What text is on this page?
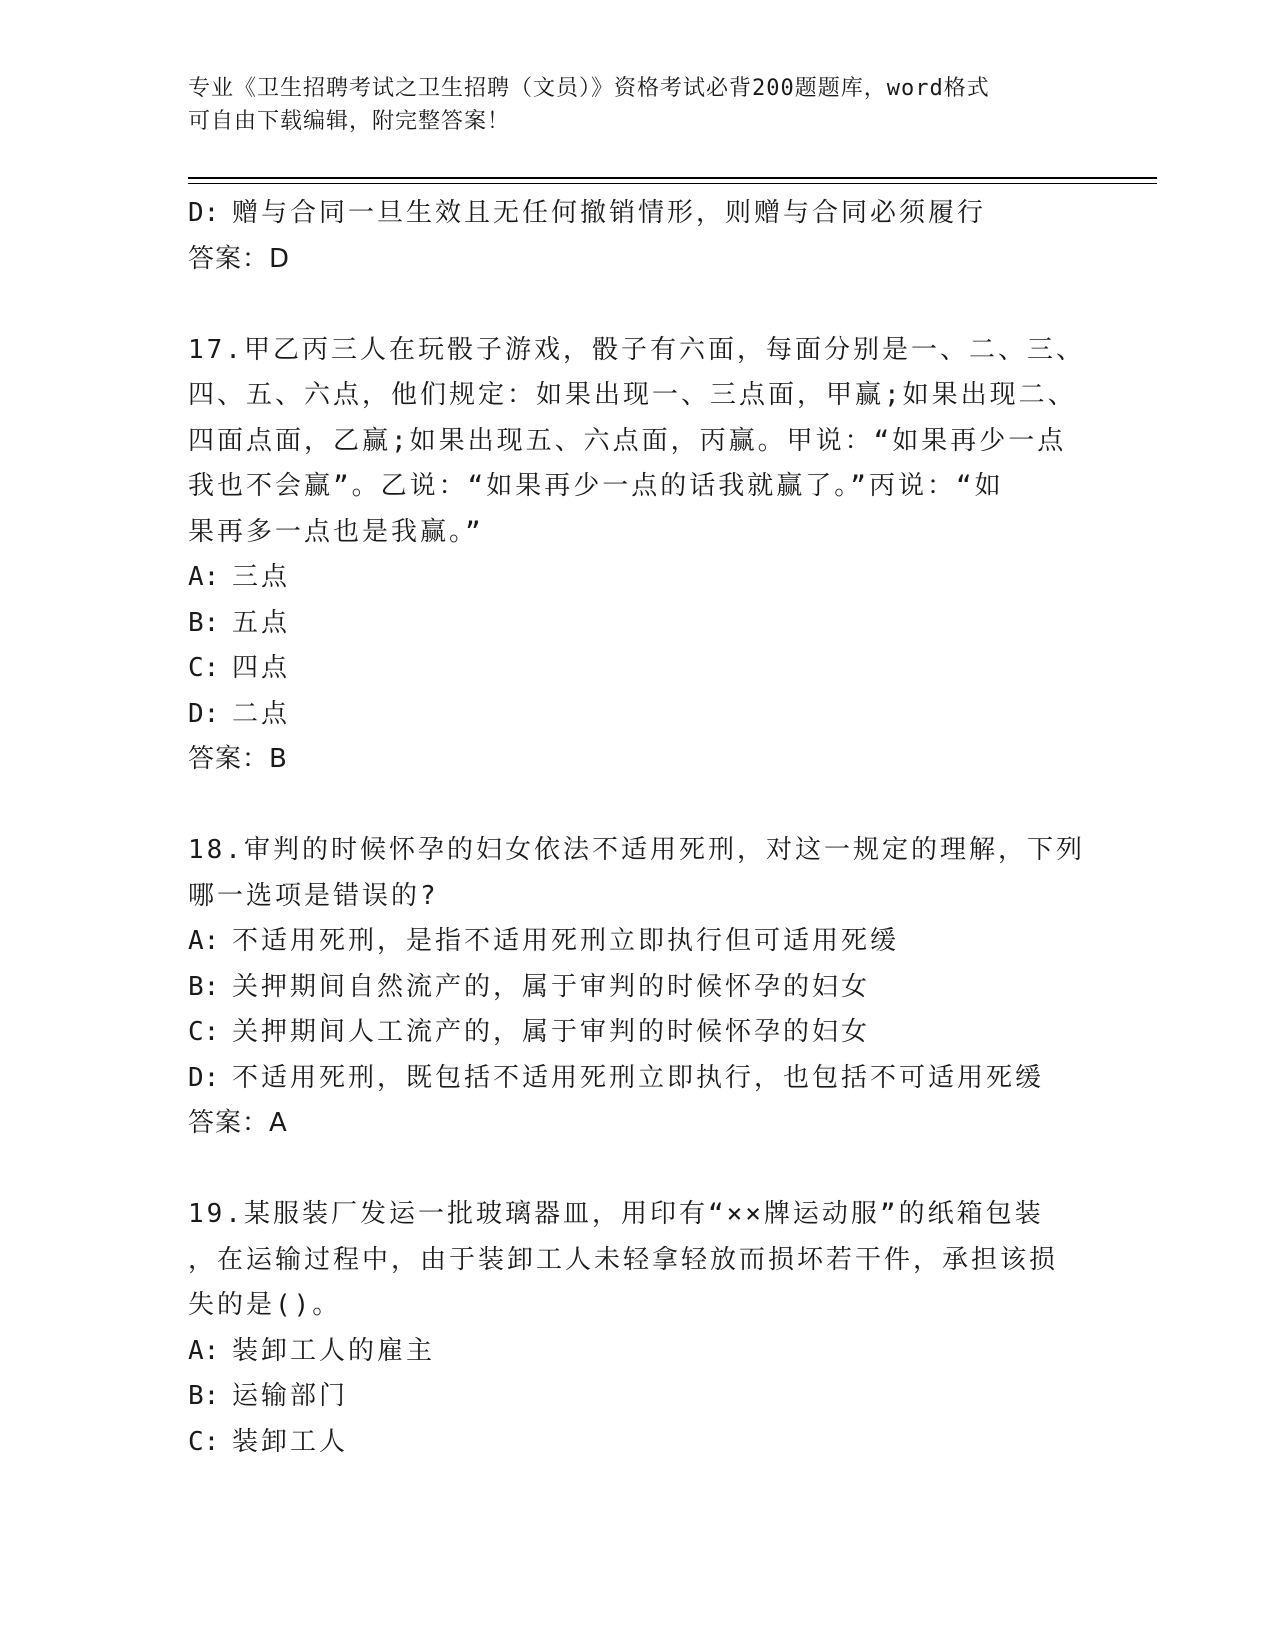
专业《卫生招聘考试之卫生招聘（文员）》资格考试必背200题题库，word格式
可自由下载编辑，附完整答案！
D: 赠与合同一旦生效且无任何撤销情形，则赠与合同必须履行
答案：D
17.甲乙丙三人在玩骰子游戏，骰子有六面，每面分别是一、二、三、
四、五、六点，他们规定：如果出现一、三点面，甲赢;如果出现二、
四面点面，乙赢;如果出现五、六点面，丙赢。甲说：“如果再少一点
我也不会赢”。乙说：“如果再少一点的话我就赢了。”丙说：“如
果再多一点也是我赢。”
A: 三点
B: 五点
C: 四点
D: 二点
答案：B
18.审判的时候怀孕的妇女依法不适用死刑，对这一规定的理解，下列
哪一选项是错误的?
A: 不适用死刑，是指不适用死刑立即执行但可适用死缓
B: 关押期间自然流产的，属于审判的时候怀孕的妇女
C: 关押期间人工流产的，属于审判的时候怀孕的妇女
D: 不适用死刑，既包括不适用死刑立即执行，也包括不可适用死缓
答案：A
19.某服装厂发运一批玻璃器皿，用印有“××牌运动服”的纸箱包装
，在运输过程中，由于装卸工人未轻拿轻放而损坏若干件，承担该损
失的是()。
A: 装卸工人的雇主
B: 运输部门
C: 装卸工人
